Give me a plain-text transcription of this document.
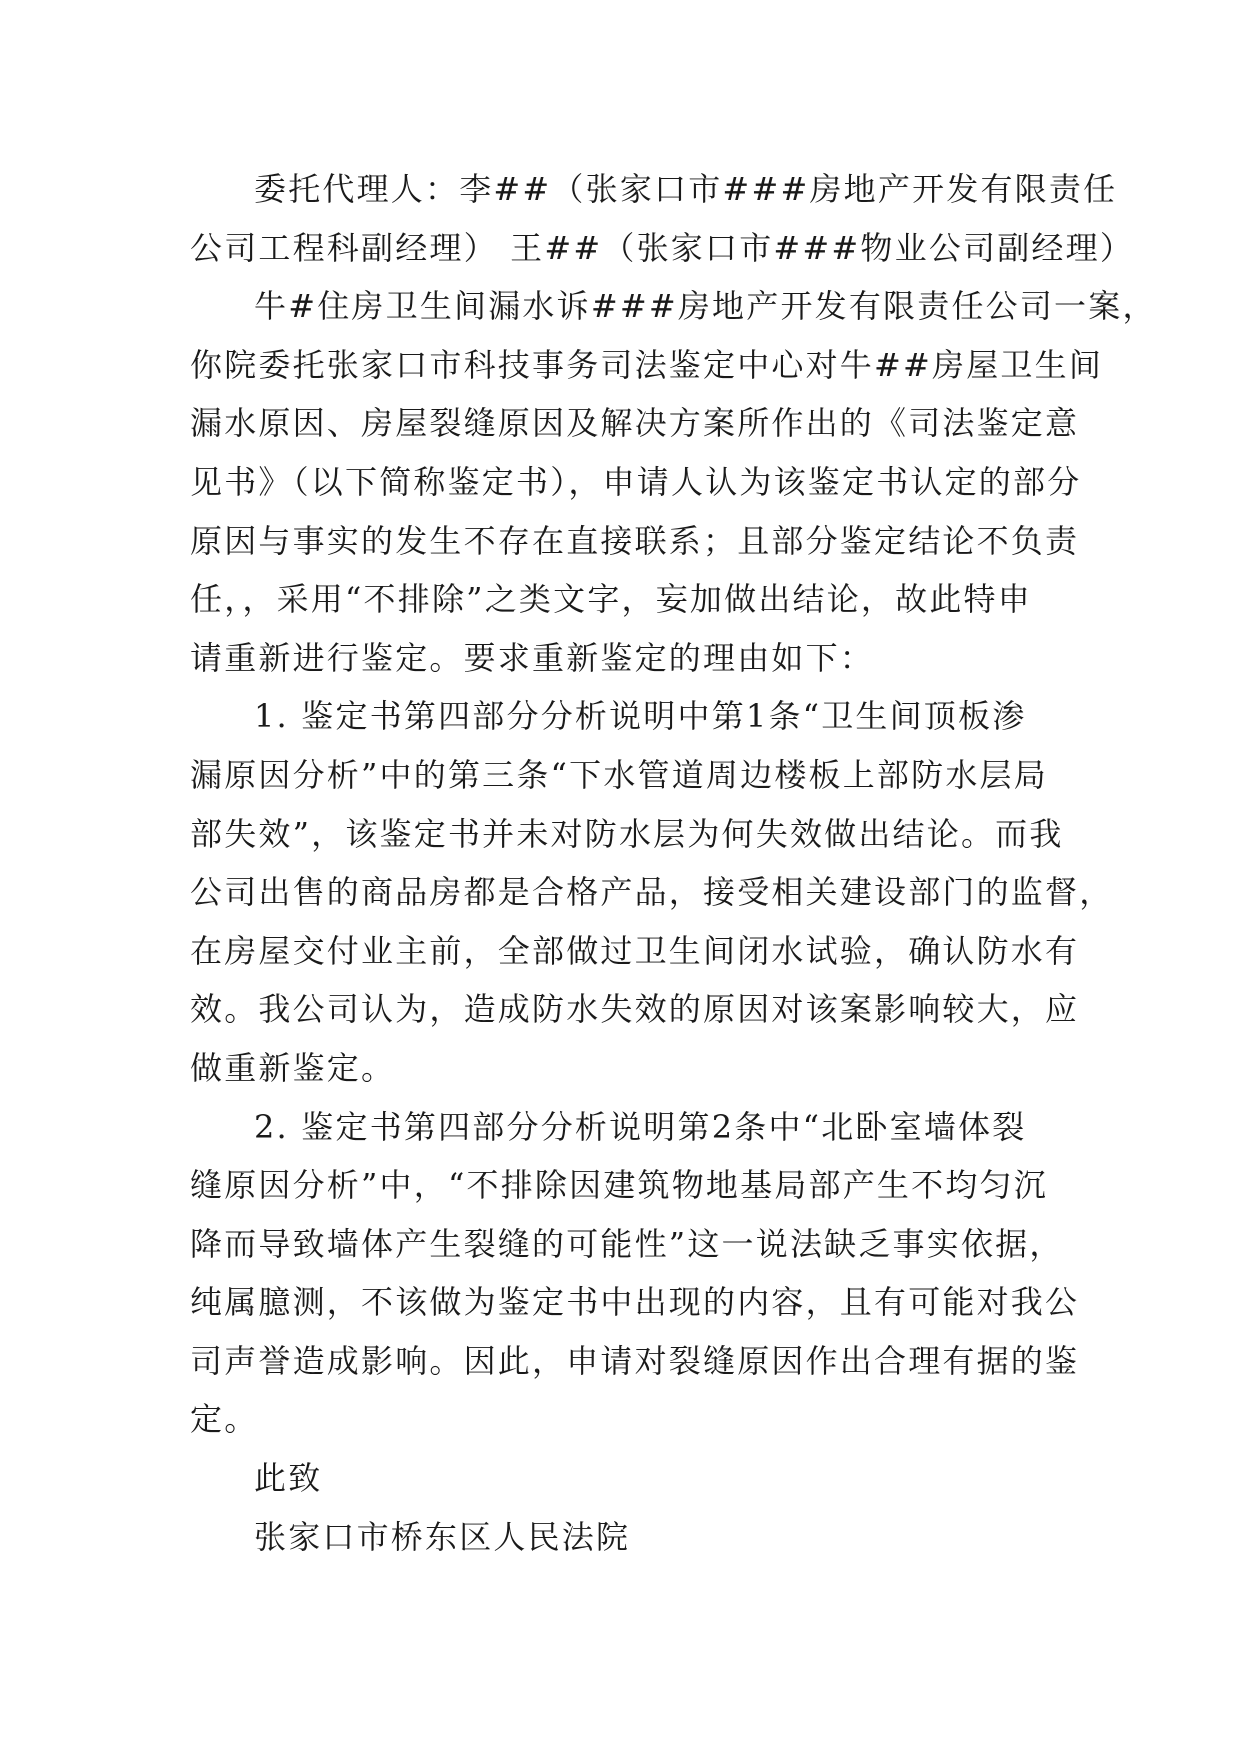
委托代理人：李##（张家口市###房地产开发有限责任
公司工程科副经理） 王##（张家口市###物业公司副经理）
牛#住房卫生间漏水诉###房地产开发有限责任公司一案，
你院委托张家口市科技事务司法鉴定中心对牛##房屋卫生间
漏水原因、房屋裂缝原因及解决方案所作出的《司法鉴定意
见书》（以下简称鉴定书），申请人认为该鉴定书认定的部分
原因与事实的发生不存在直接联系；且部分鉴定结论不负责
任，，采用“不排除”之类文字，妄加做出结论，故此特申
请重新进行鉴定。要求重新鉴定的理由如下：
1. 鉴定书第四部分分析说明中第1条“卫生间顶板渗
漏原因分析”中的第三条“下水管道周边楼板上部防水层局
部失效”，该鉴定书并未对防水层为何失效做出结论。而我
公司出售的商品房都是合格产品，接受相关建设部门的监督，
在房屋交付业主前，全部做过卫生间闭水试验，确认防水有
效。我公司认为，造成防水失效的原因对该案影响较大，应
做重新鉴定。
2. 鉴定书第四部分分析说明第2条中“北卧室墙体裂
缝原因分析”中，“不排除因建筑物地基局部产生不均匀沉
降而导致墙体产生裂缝的可能性”这一说法缺乏事实依据，
纯属臆测，不该做为鉴定书中出现的内容，且有可能对我公
司声誉造成影响。因此，申请对裂缝原因作出合理有据的鉴
定。
此致
张家口市桥东区人民法院
